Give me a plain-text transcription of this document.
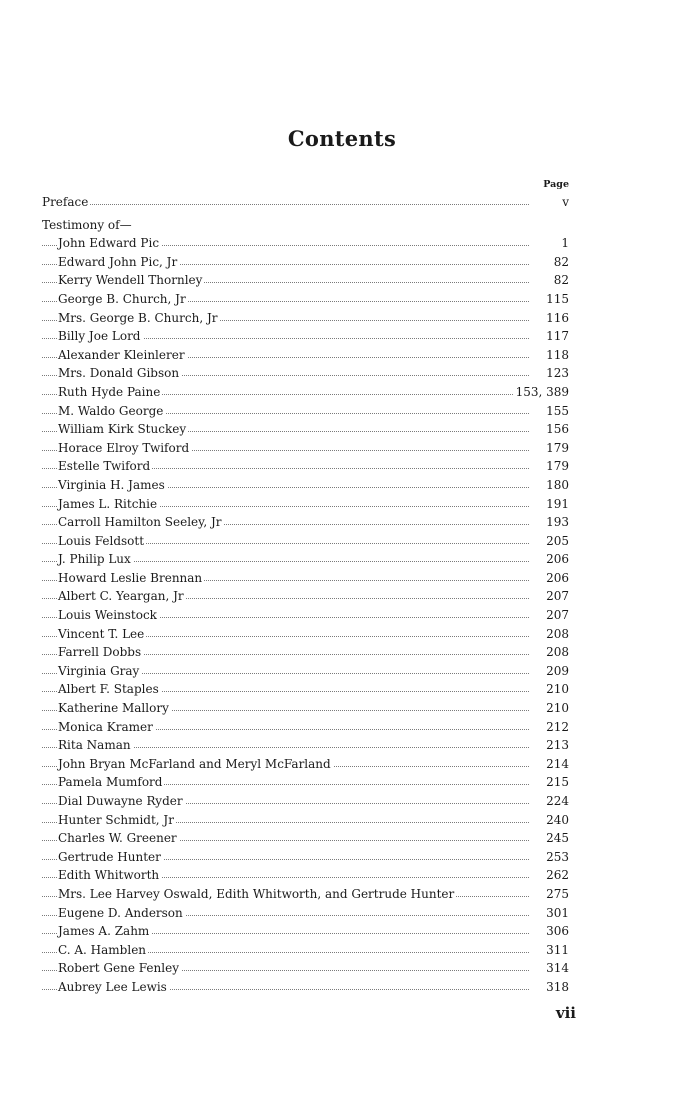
Contents
Page
Preface	v
Testimony of—
John Edward Pic	1
Edward John Pic, Jr	82
Kerry Wendell Thornley	82
George B. Church, Jr	115
Mrs. George B. Church, Jr	116
Billy Joe Lord	117
Alexander Kleinlerer	118
Mrs. Donald Gibson	123
Ruth Hyde Paine	153, 389
M. Waldo George	155
William Kirk Stuckey	156
Horace Elroy Twiford	179
Estelle Twiford	179
Virginia H. James	180
James L. Ritchie	191
Carroll Hamilton Seeley, Jr	193
Louis Feldsott	205
J. Philip Lux	206
Howard Leslie Brennan	206
Albert C. Yeargan, Jr	207
Louis Weinstock	207
Vincent T. Lee	208
Farrell Dobbs	208
Virginia Gray	209
Albert F. Staples	210
Katherine Mallory	210
Monica Kramer	212
Rita Naman	213
John Bryan McFarland and Meryl McFarland	214
Pamela Mumford	215
Dial Duwayne Ryder	224
Hunter Schmidt, Jr	240
Charles W. Greener	245
Gertrude Hunter	253
Edith Whitworth	262
Mrs. Lee Harvey Oswald, Edith Whitworth, and Gertrude Hunter	275
Eugene D. Anderson	301
James A. Zahm	306
C. A. Hamblen	311
Robert Gene Fenley	314
Aubrey Lee Lewis	318
vii
